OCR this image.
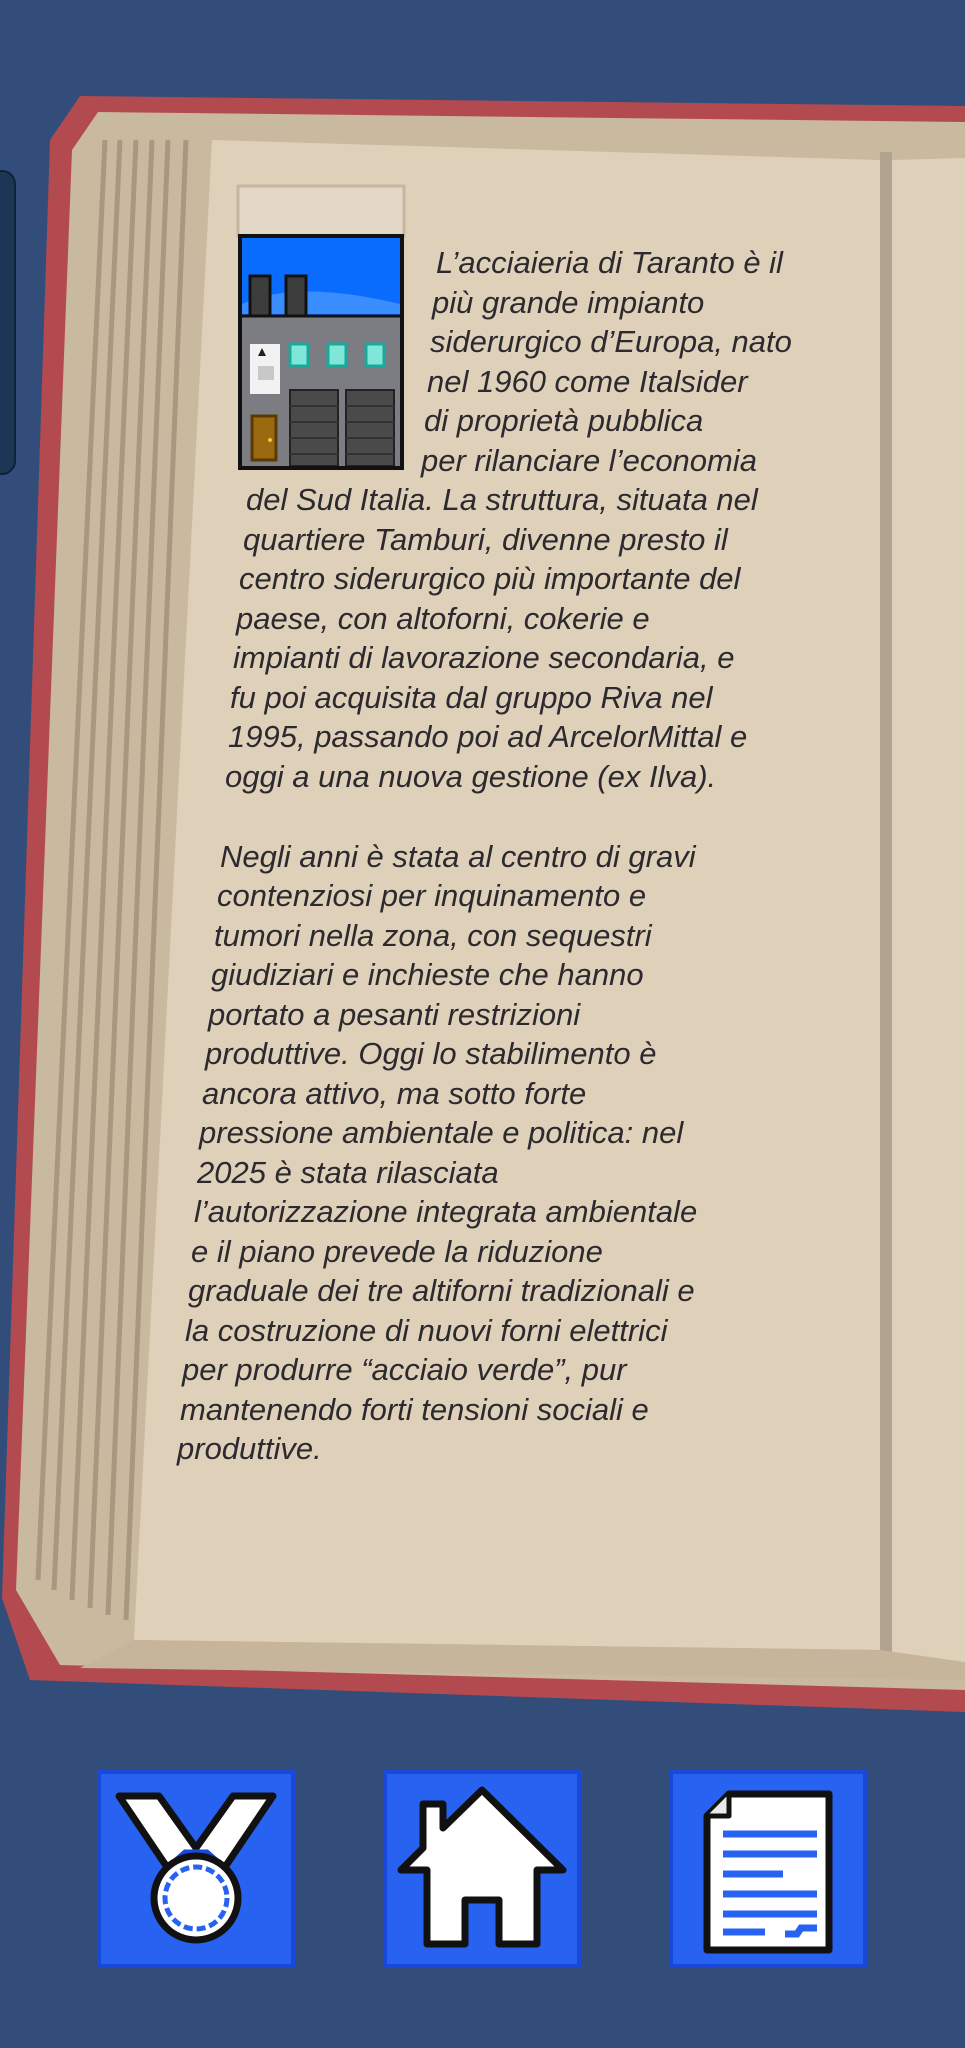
L’acciaieria di Taranto è il
più grande impianto
siderurgico d’Europa, nato
nel 1960 come Italsider
di proprietà pubblica
per rilanciare l’economia
del Sud Italia. La struttura, situata nel
quartiere Tamburi, divenne presto il
centro siderurgico più importante del
paese, con altoforni, cokerie e
impianti di lavorazione secondaria, e
fu poi acquisita dal gruppo Riva nel
1995, passando poi ad ArcelorMittal e
oggi a una nuova gestione (ex Ilva).
Negli anni è stata al centro di gravi
contenziosi per inquinamento e
tumori nella zona, con sequestri
giudiziari e inchieste che hanno
portato a pesanti restrizioni
produttive. Oggi lo stabilimento è
ancora attivo, ma sotto forte
pressione ambientale e politica: nel
2025 è stata rilasciata
l’autorizzazione integrata ambientale
e il piano prevede la riduzione
graduale dei tre altiforni tradizionali e
la costruzione di nuovi forni elettrici
per produrre “acciaio verde”, pur
mantenendo forti tensioni sociali e
produttive.
